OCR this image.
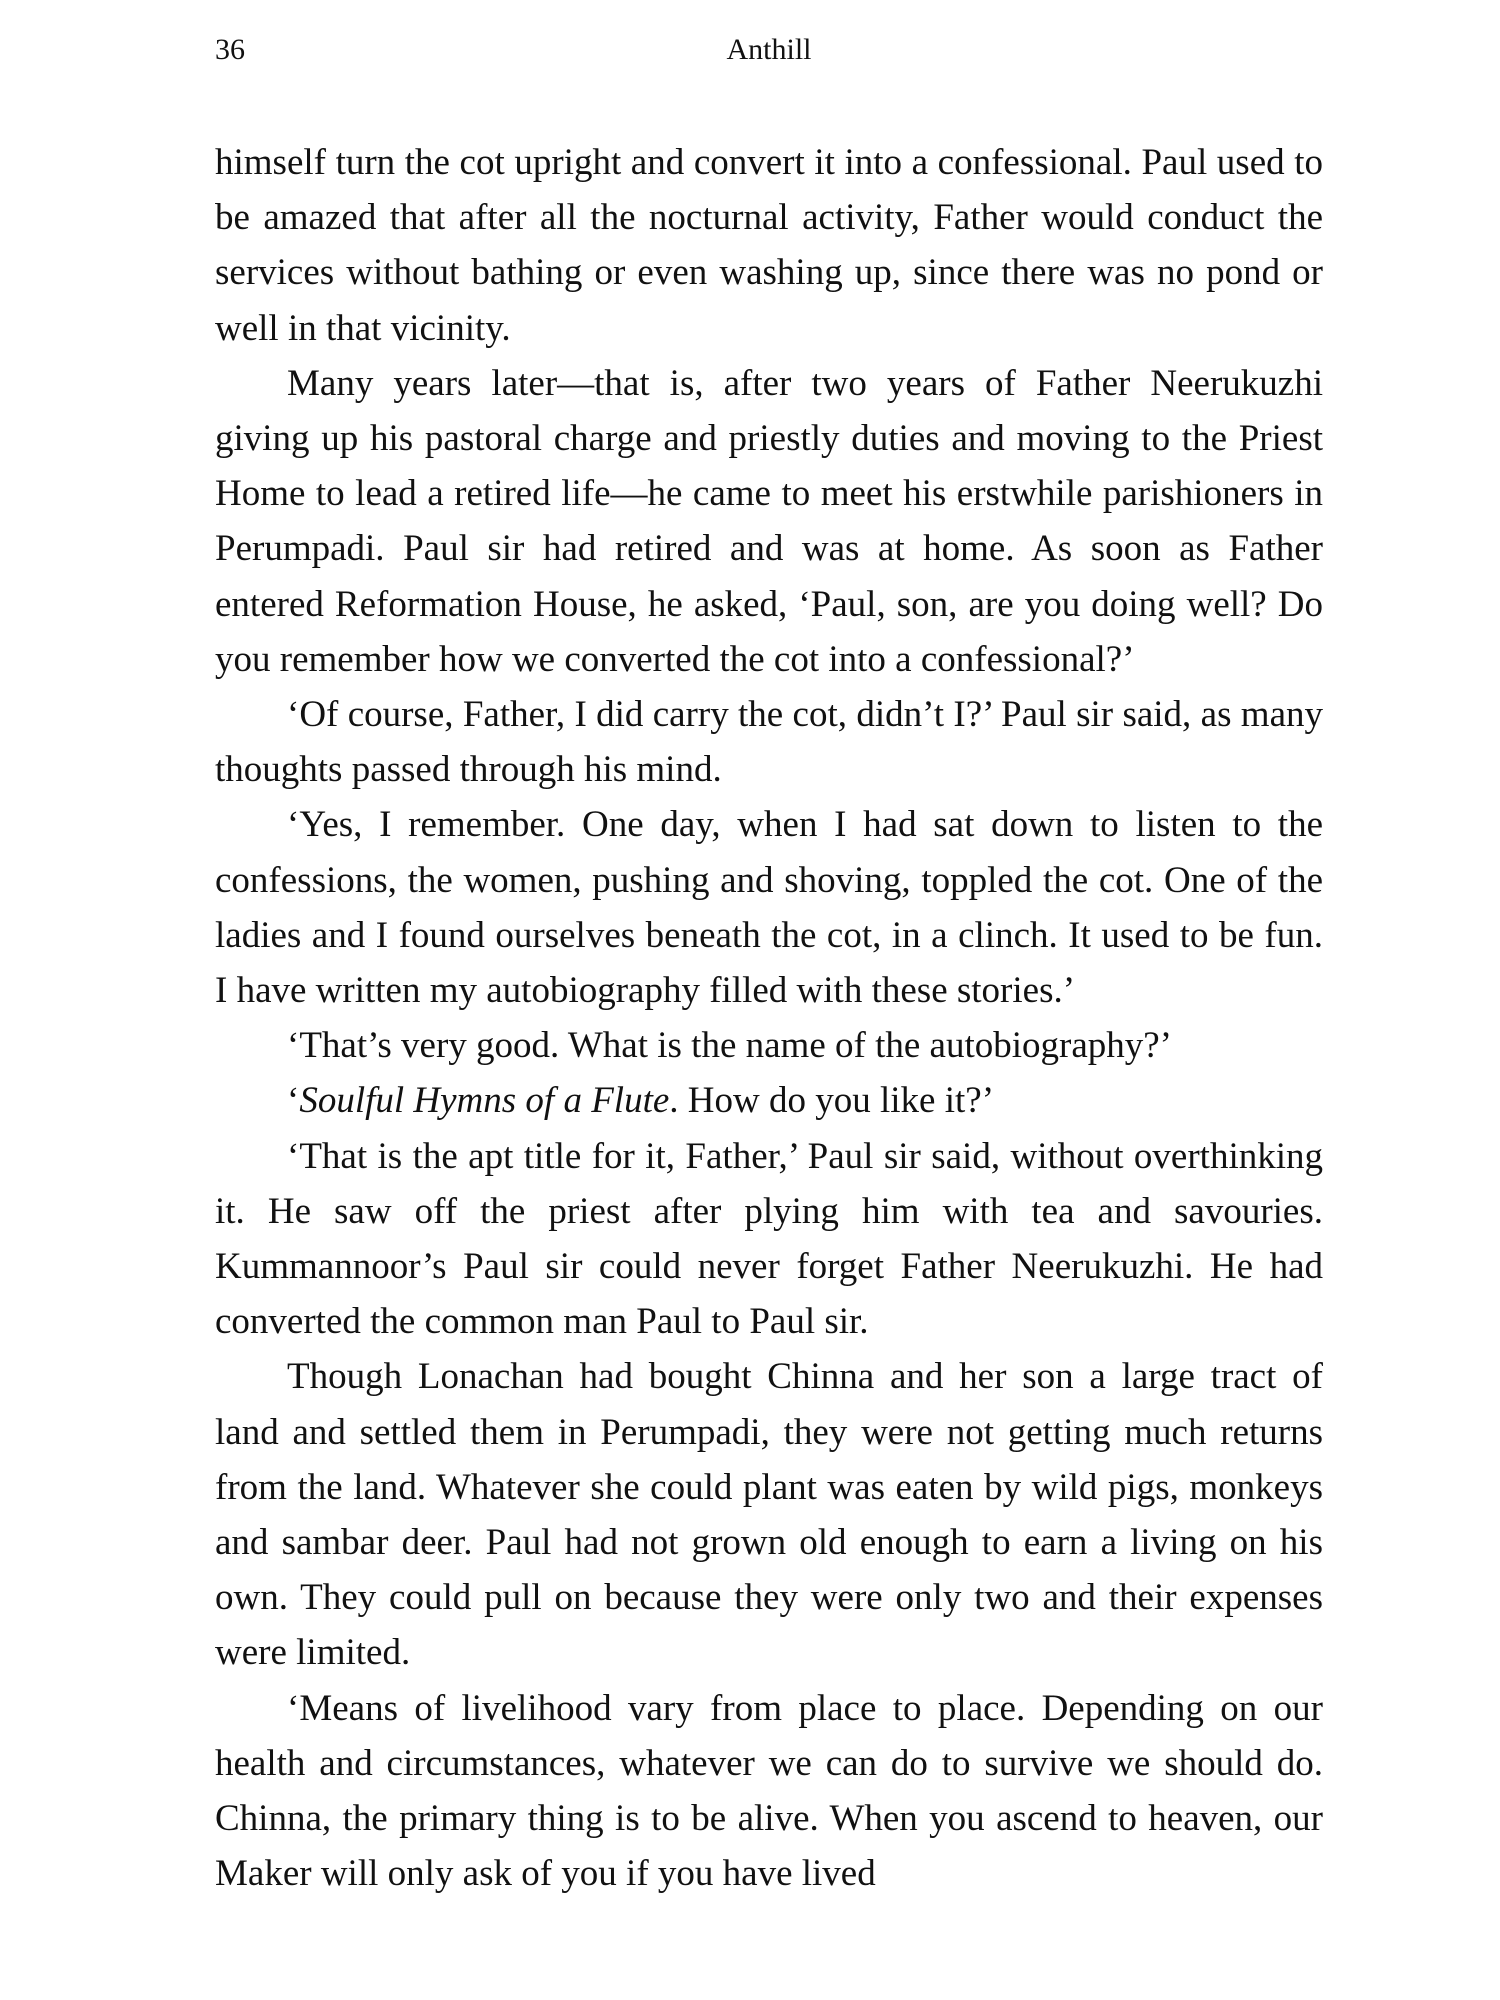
36	Anthill

himself turn the cot upright and convert it into a confessional. Paul used to be amazed that after all the nocturnal activity, Father would conduct the services without bathing or even washing up, since there was no pond or well in that vicinity.

Many years later—that is, after two years of Father Neerukuzhi giving up his pastoral charge and priestly duties and moving to the Priest Home to lead a retired life—he came to meet his erstwhile parishioners in Perumpadi. Paul sir had retired and was at home. As soon as Father entered Reformation House, he asked, ‘Paul, son, are you doing well? Do you remember how we converted the cot into a confessional?’

‘Of course, Father, I did carry the cot, didn’t I?’ Paul sir said, as many thoughts passed through his mind.

‘Yes, I remember. One day, when I had sat down to listen to the confessions, the women, pushing and shoving, toppled the cot. One of the ladies and I found ourselves beneath the cot, in a clinch. It used to be fun. I have written my autobiography filled with these stories.’

‘That’s very good. What is the name of the autobiography?’

‘Soulful Hymns of a Flute. How do you like it?’

‘That is the apt title for it, Father,’ Paul sir said, without overthinking it. He saw off the priest after plying him with tea and savouries. Kummannoor’s Paul sir could never forget Father Neerukuzhi. He had converted the common man Paul to Paul sir.

Though Lonachan had bought Chinna and her son a large tract of land and settled them in Perumpadi, they were not getting much returns from the land. Whatever she could plant was eaten by wild pigs, monkeys and sambar deer. Paul had not grown old enough to earn a living on his own. They could pull on because they were only two and their expenses were limited.

‘Means of livelihood vary from place to place. Depending on our health and circumstances, whatever we can do to survive we should do. Chinna, the primary thing is to be alive. When you ascend to heaven, our Maker will only ask of you if you have lived
